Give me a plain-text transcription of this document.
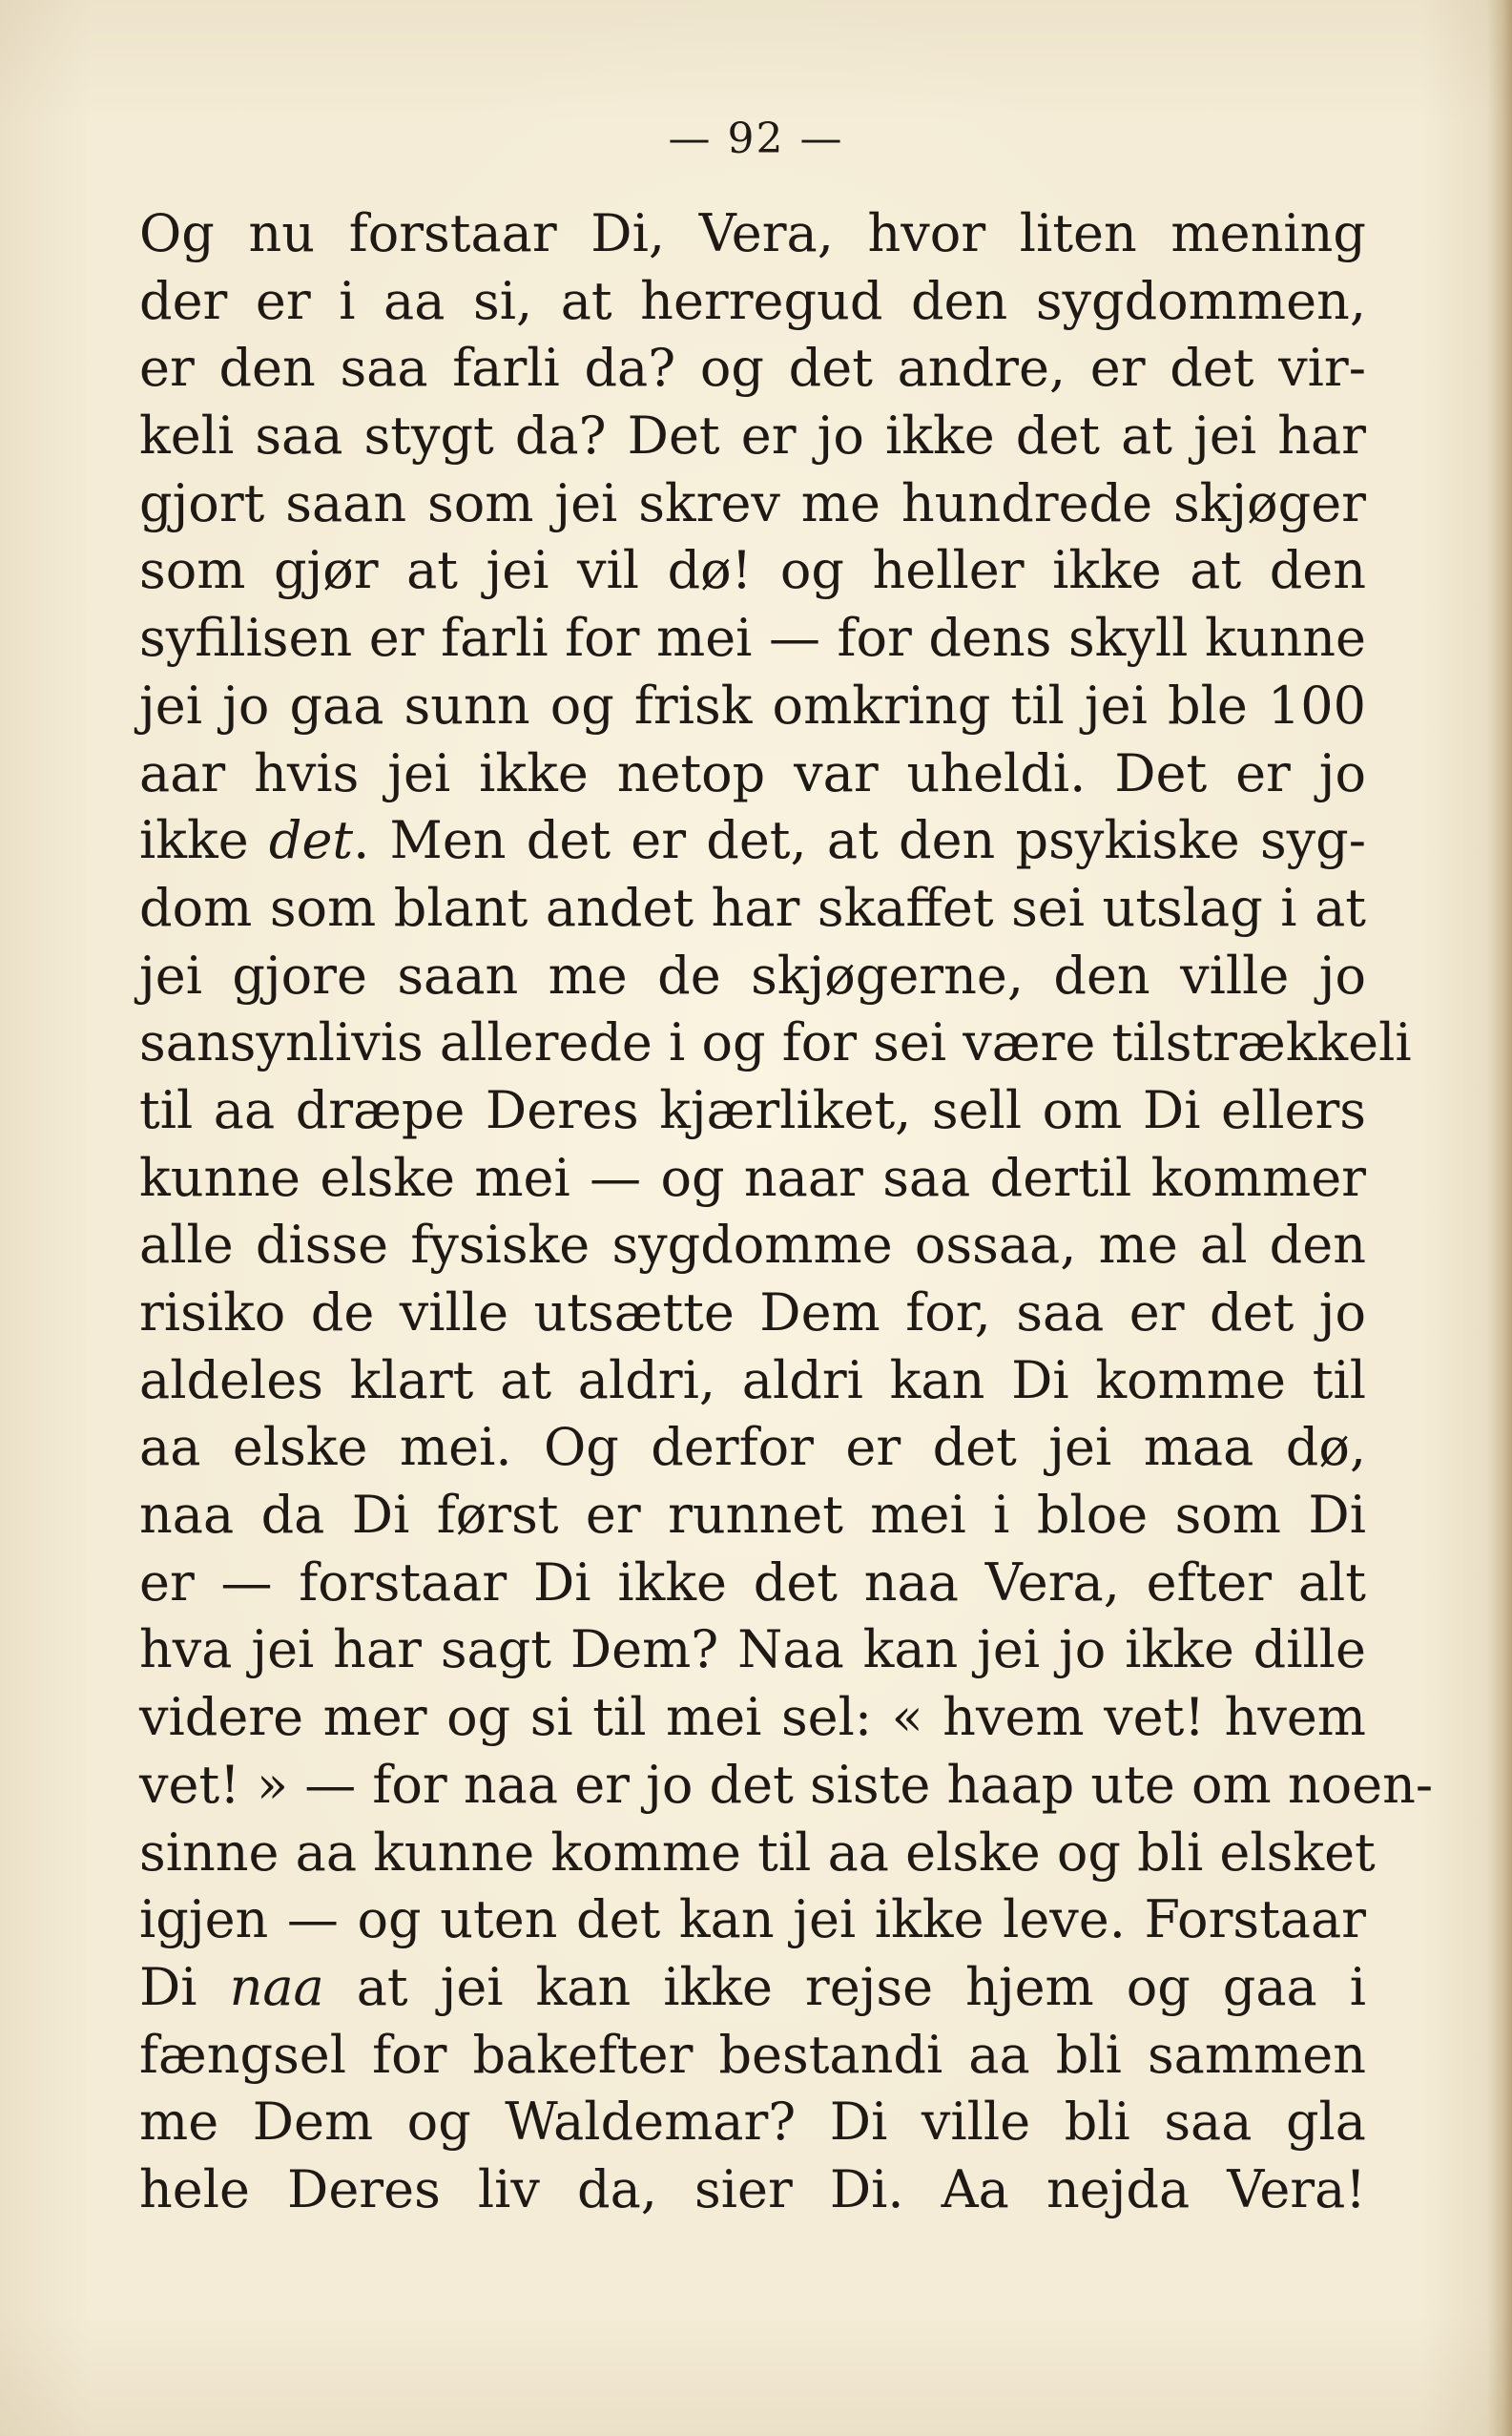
— 92 —
Og nu forstaar Di, Vera, hvor liten mening
der er i aa si, at herregud den sygdommen,
er den saa farli da? og det andre, er det vir-
keli saa stygt da? Det er jo ikke det at jei har
gjort saan som jei skrev me hundrede skjøger
som gjør at jei vil dø! og heller ikke at den
syfilisen er farli for mei — for dens skyll kunne
jei jo gaa sunn og frisk omkring til jei ble 100
aar hvis jei ikke netop var uheldi. Det er jo
ikke det. Men det er det, at den psykiske syg-
dom som blant andet har skaffet sei utslag i at
jei gjore saan me de skjøgerne, den ville jo
sansynlivis allerede i og for sei være tilstrækkeli
til aa dræpe Deres kjærliket, sell om Di ellers
kunne elske mei — og naar saa dertil kommer
alle disse fysiske sygdomme ossaa, me al den
risiko de ville utsætte Dem for, saa er det jo
aldeles klart at aldri, aldri kan Di komme til
aa elske mei. Og derfor er det jei maa dø,
naa da Di først er runnet mei i bloe som Di
er — forstaar Di ikke det naa Vera, efter alt
hva jei har sagt Dem? Naa kan jei jo ikke dille
videre mer og si til mei sel: « hvem vet! hvem
vet! » — for naa er jo det siste haap ute om noen-
sinne aa kunne komme til aa elske og bli elsket
igjen — og uten det kan jei ikke leve. Forstaar
Di naa at jei kan ikke rejse hjem og gaa i
fængsel for bakefter bestandi aa bli sammen
me Dem og Waldemar? Di ville bli saa gla
hele Deres liv da, sier Di. Aa nejda Vera!
